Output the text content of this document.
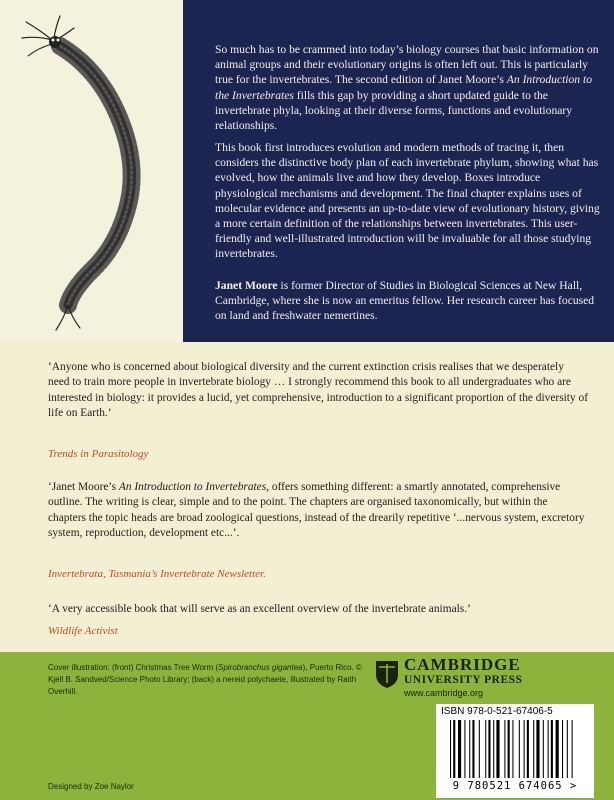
So much has to be crammed into today’s biology courses that basic information on animal groups and their evolutionary origins is often left out. This is particularly true for the invertebrates. The second edition of Janet Moore’s An Introduction to the Invertebrates fills this gap by providing a short updated guide to the invertebrate phyla, looking at their diverse forms, functions and evolutionary relationships.

This book first introduces evolution and modern methods of tracing it, then considers the distinctive body plan of each invertebrate phylum, showing what has evolved, how the animals live and how they develop. Boxes introduce physiological mechanisms and development. The final chapter explains uses of molecular evidence and presents an up-to-date view of evolutionary history, giving a more certain definition of the relationships between invertebrates. This user-friendly and well-illustrated introduction will be invaluable for all those studying invertebrates.

Janet Moore is former Director of Studies in Biological Sciences at New Hall, Cambridge, where she is now an emeritus fellow. Her research career has focused on land and freshwater nemertines.

‘Anyone who is concerned about biological diversity and the current extinction crisis realises that we desperately need to train more people in invertebrate biology … I strongly recommend this book to all undergraduates who are interested in biology: it provides a lucid, yet comprehensive, introduction to a significant proportion of the diversity of life on Earth.’

Trends in Parasitology

‘Janet Moore’s An Introduction to Invertebrates, offers something different: a smartly annotated, comprehensive outline. The writing is clear, simple and to the point. The chapters are organised taxonomically, but within the chapters the topic heads are broad zoological questions, instead of the drearily repetitive ‘...nervous system, excretory system, reproduction, development etc...’.

Invertebrata, Tasmania’s Invertebrate Newsletter.

‘A very accessible book that will serve as an excellent overview of the invertebrate animals.’

Wildlife Activist

Cover illustration: (front) Christmas Tree Worm (Spirobranchus gigantea), Puerto Rico. © Kjell B. Sandved/Science Photo Library; (back) a nereid polychaete, illustrated by Raith Overhill.

Designed by Zoe Naylor

CAMBRIDGE
UNIVERSITY PRESS
www.cambridge.org
ISBN 978-0-521-67406-5
9 780521 674065 >
